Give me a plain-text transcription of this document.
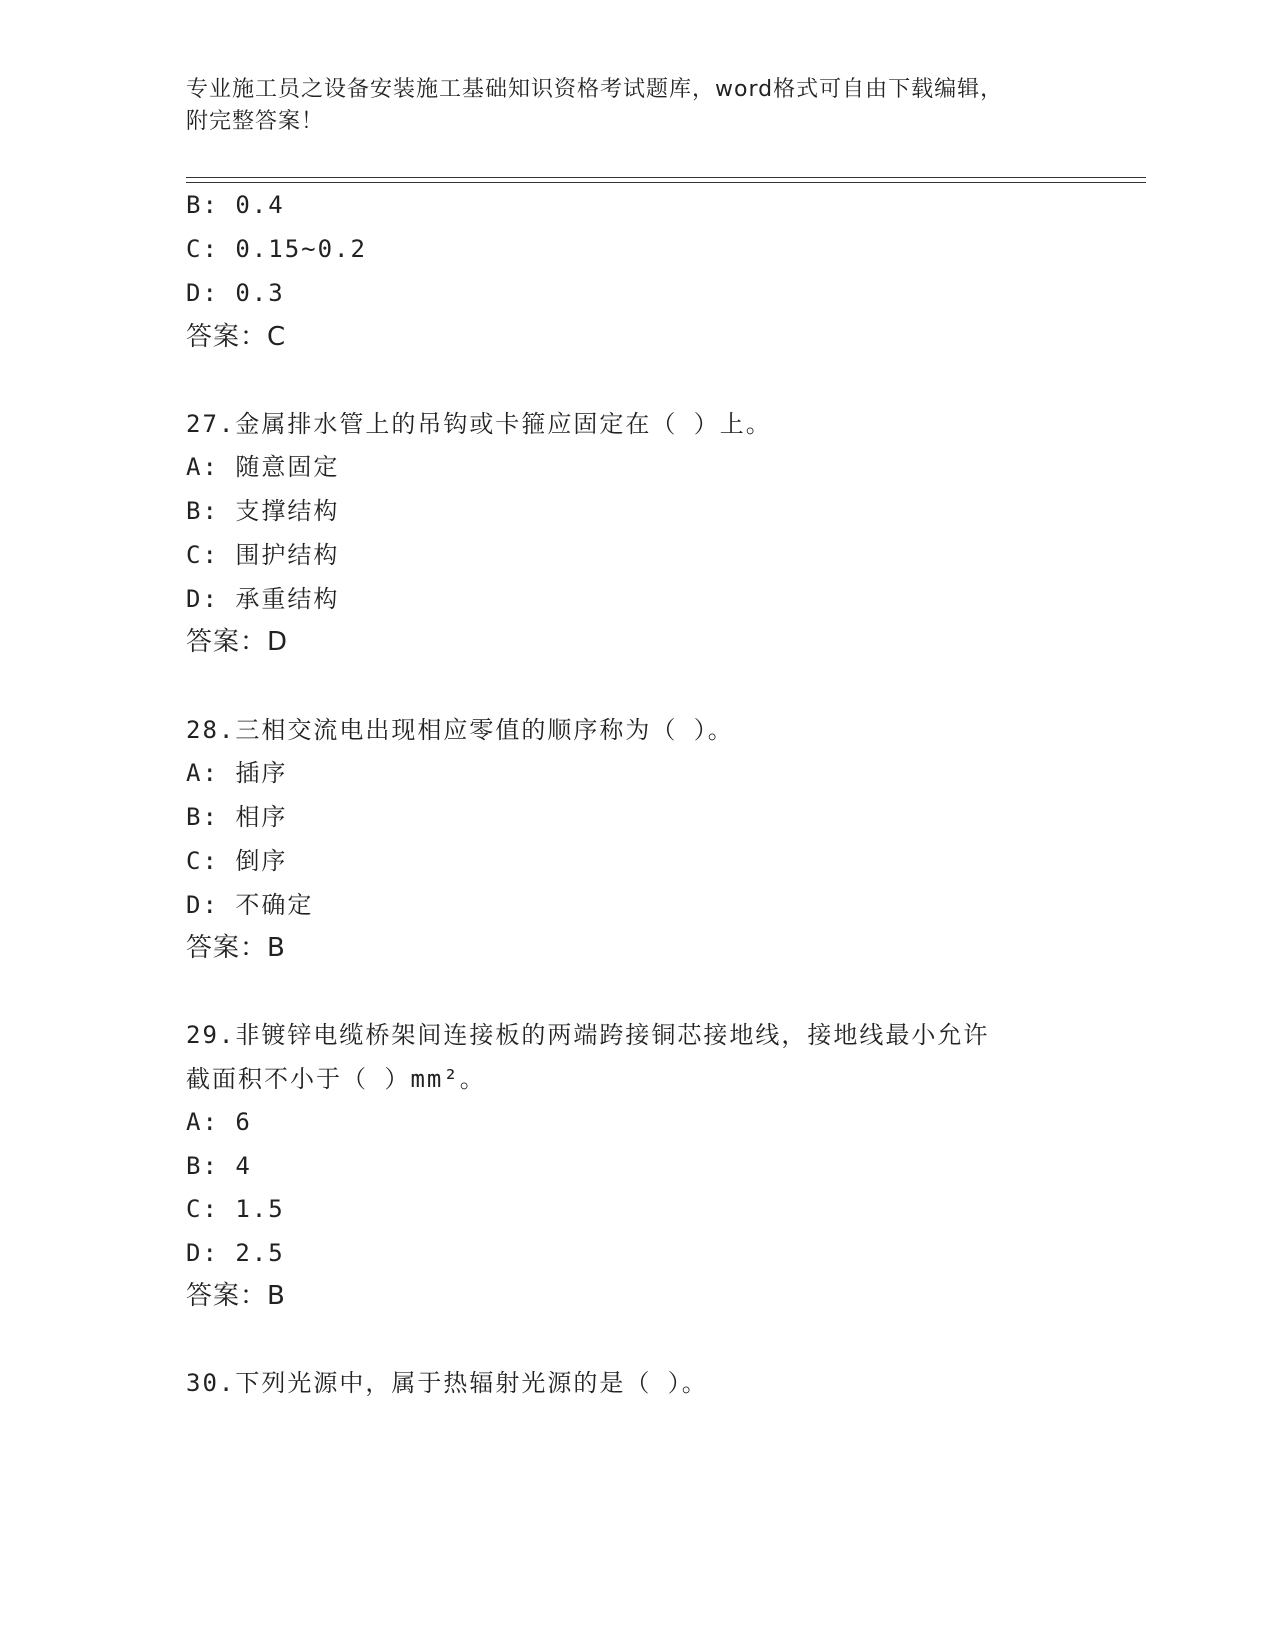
专业施工员之设备安装施工基础知识资格考试题库，word格式可自由下载编辑，
附完整答案！
B: 0.4
C: 0.15~0.2
D: 0.3
答案：C
27.金属排水管上的吊钩或卡箍应固定在（ ）上。
A: 随意固定
B: 支撑结构
C: 围护结构
D: 承重结构
答案：D
28.三相交流电出现相应零值的顺序称为（ ）。
A: 插序
B: 相序
C: 倒序
D: 不确定
答案：B
29.非镀锌电缆桥架间连接板的两端跨接铜芯接地线，接地线最小允许
截面积不小于（ ）mm²。
A: 6
B: 4
C: 1.5
D: 2.5
答案：B
30.下列光源中，属于热辐射光源的是（ ）。
